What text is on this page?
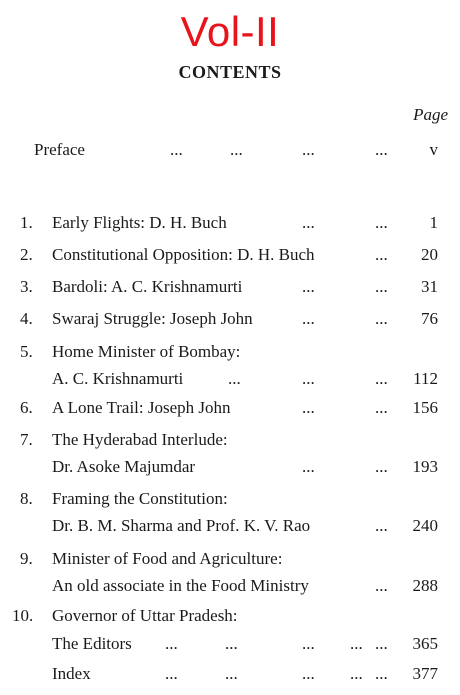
Vol-II
CONTENTS
Page
Preface	...	...	...	... v
1. Early Flights: D. H. Buch	...	... 1
2. Constitutional Opposition: D. H. Buch	... 20
3. Bardoli: A. C. Krishnamurti	...	... 31
4. Swaraj Struggle: Joseph John	...	... 76
5. Home Minister of Bombay:
A. C. Krishnamurti	...	...	... 112
6. A Lone Trail: Joseph John	...	... 156
7. The Hyderabad Interlude:
Dr. Asoke Majumdar	...	... 193
8. Framing the Constitution:
Dr. B. M. Sharma and Prof. K. V. Rao	... 240
9. Minister of Food and Agriculture:
An old associate in the Food Ministry	... 288
10. Governor of Uttar Pradesh:
The Editors ...	...	... ... ... 365
Index	...	...	... ... ... 377
